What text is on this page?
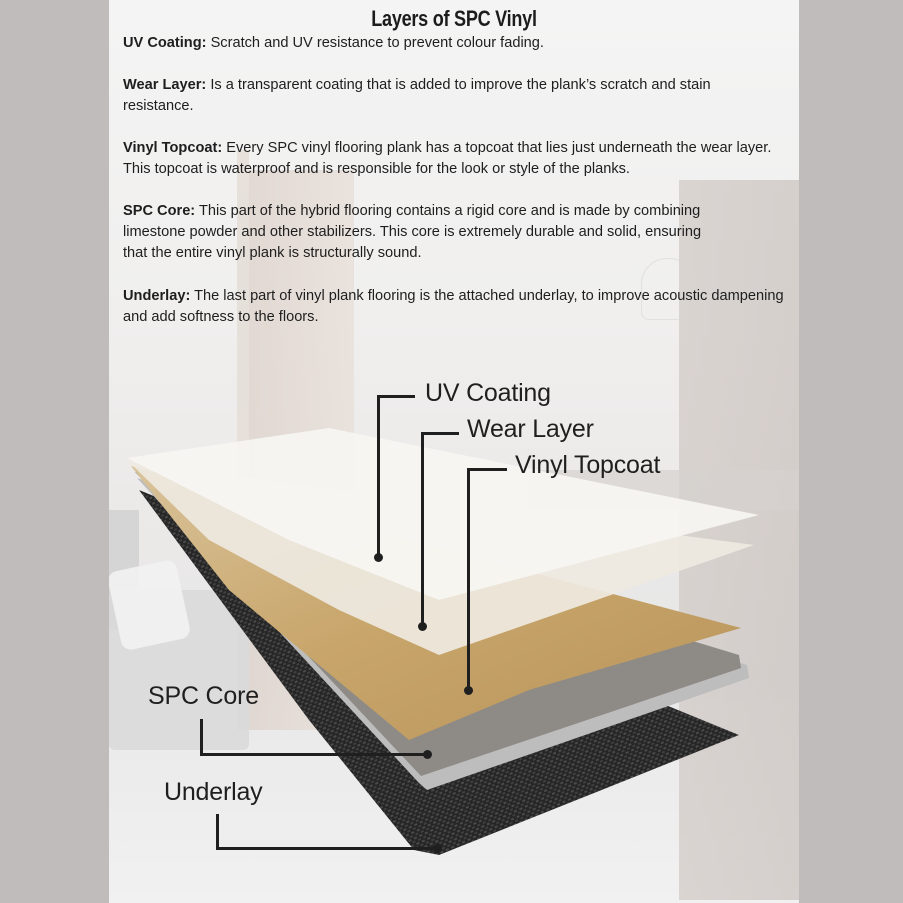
Layers of SPC Vinyl

UV Coating: Scratch and UV resistance to prevent colour fading.

Wear Layer: Is a transparent coating that is added to improve the plank’s scratch and stain resistance.

Vinyl Topcoat: Every SPC vinyl flooring plank has a topcoat that lies just underneath the wear layer. This topcoat is waterproof and is responsible for the look or style of the planks.

SPC Core: This part of the hybrid flooring contains a rigid core and is made by combining limestone powder and other stabilizers. This core is extremely durable and solid, ensuring that the entire vinyl plank is structurally sound.

Underlay: The last part of vinyl plank flooring is the attached underlay, to improve acoustic dampening and add softness to the floors.

UV Coating
Wear Layer
Vinyl Topcoat
SPC Core
Underlay
